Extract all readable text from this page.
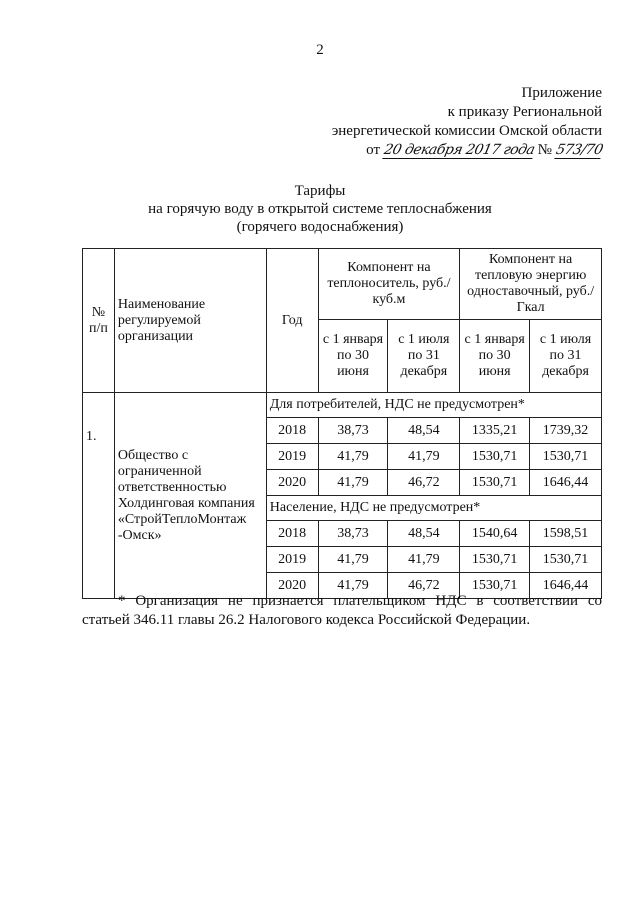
2
Приложение
к приказу Региональной
энергетической комиссии Омской области
от 20 декабря 2017 года № 573/70
Тарифы
на горячую воду в открытой системе теплоснабжения
(горячего водоснабжения)
№ п/п	Наименование регулируемой организации	Год	Компонент на теплоноситель, руб./куб.м		Компонент на тепловую энергию одноставочный, руб./Гкал	
			с 1 января по 30 июня	с 1 июля по 31 декабря	с 1 января по 30 июня	с 1 июля по 31 декабря
1.	Общество с ограниченной ответственностью Холдинговая компания «СтройТеплоМонтаж -Омск»	Для потребителей, НДС не предусмотрен*				
		2018	38,73	48,54	1335,21	1739,32
		2019	41,79	41,79	1530,71	1530,71
		2020	41,79	46,72	1530,71	1646,44
		Население, НДС не предусмотрен*				
		2018	38,73	48,54	1540,64	1598,51
		2019	41,79	41,79	1530,71	1530,71
		2020	41,79	46,72	1530,71	1646,44
* Организация не признается плательщиком НДС в соответствии со статьей 346.11 главы 26.2 Налогового кодекса Российской Федерации.
